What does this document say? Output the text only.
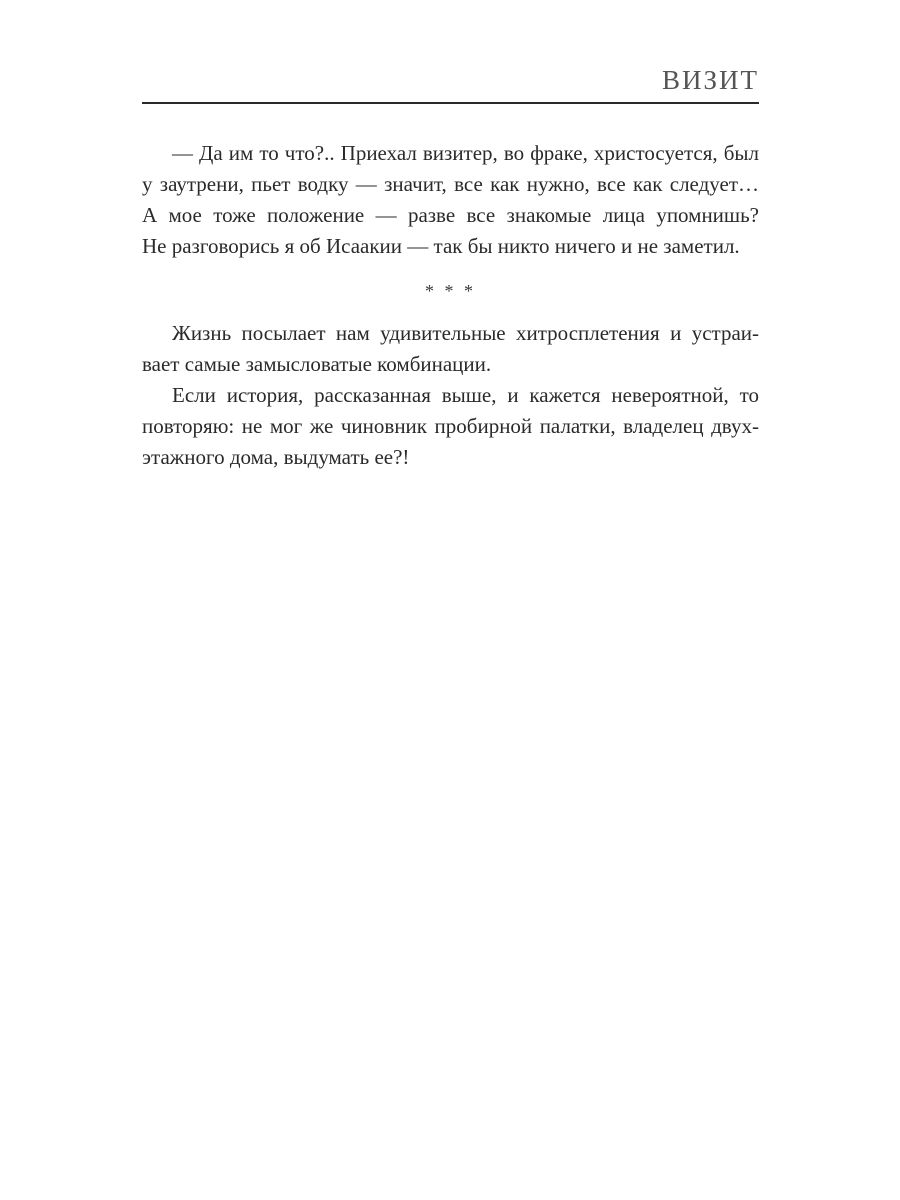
ВИЗИТ
— Да им то что?.. Приехал визитер, во фраке, христосуется, был
у заутрени, пьет водку — значит, все как нужно, все как следует…
А мое тоже положение — разве все знакомые лица упомнишь?
Не разговорись я об Исаакии — так бы никто ничего и не заметил.
* * *
Жизнь посылает нам удивительные хитросплетения и устраи-
вает самые замысловатые комбинации.
Если история, рассказанная выше, и кажется невероятной, то
повторяю: не мог же чиновник пробирной палатки, владелец двух-
этажного дома, выдумать ее?!
